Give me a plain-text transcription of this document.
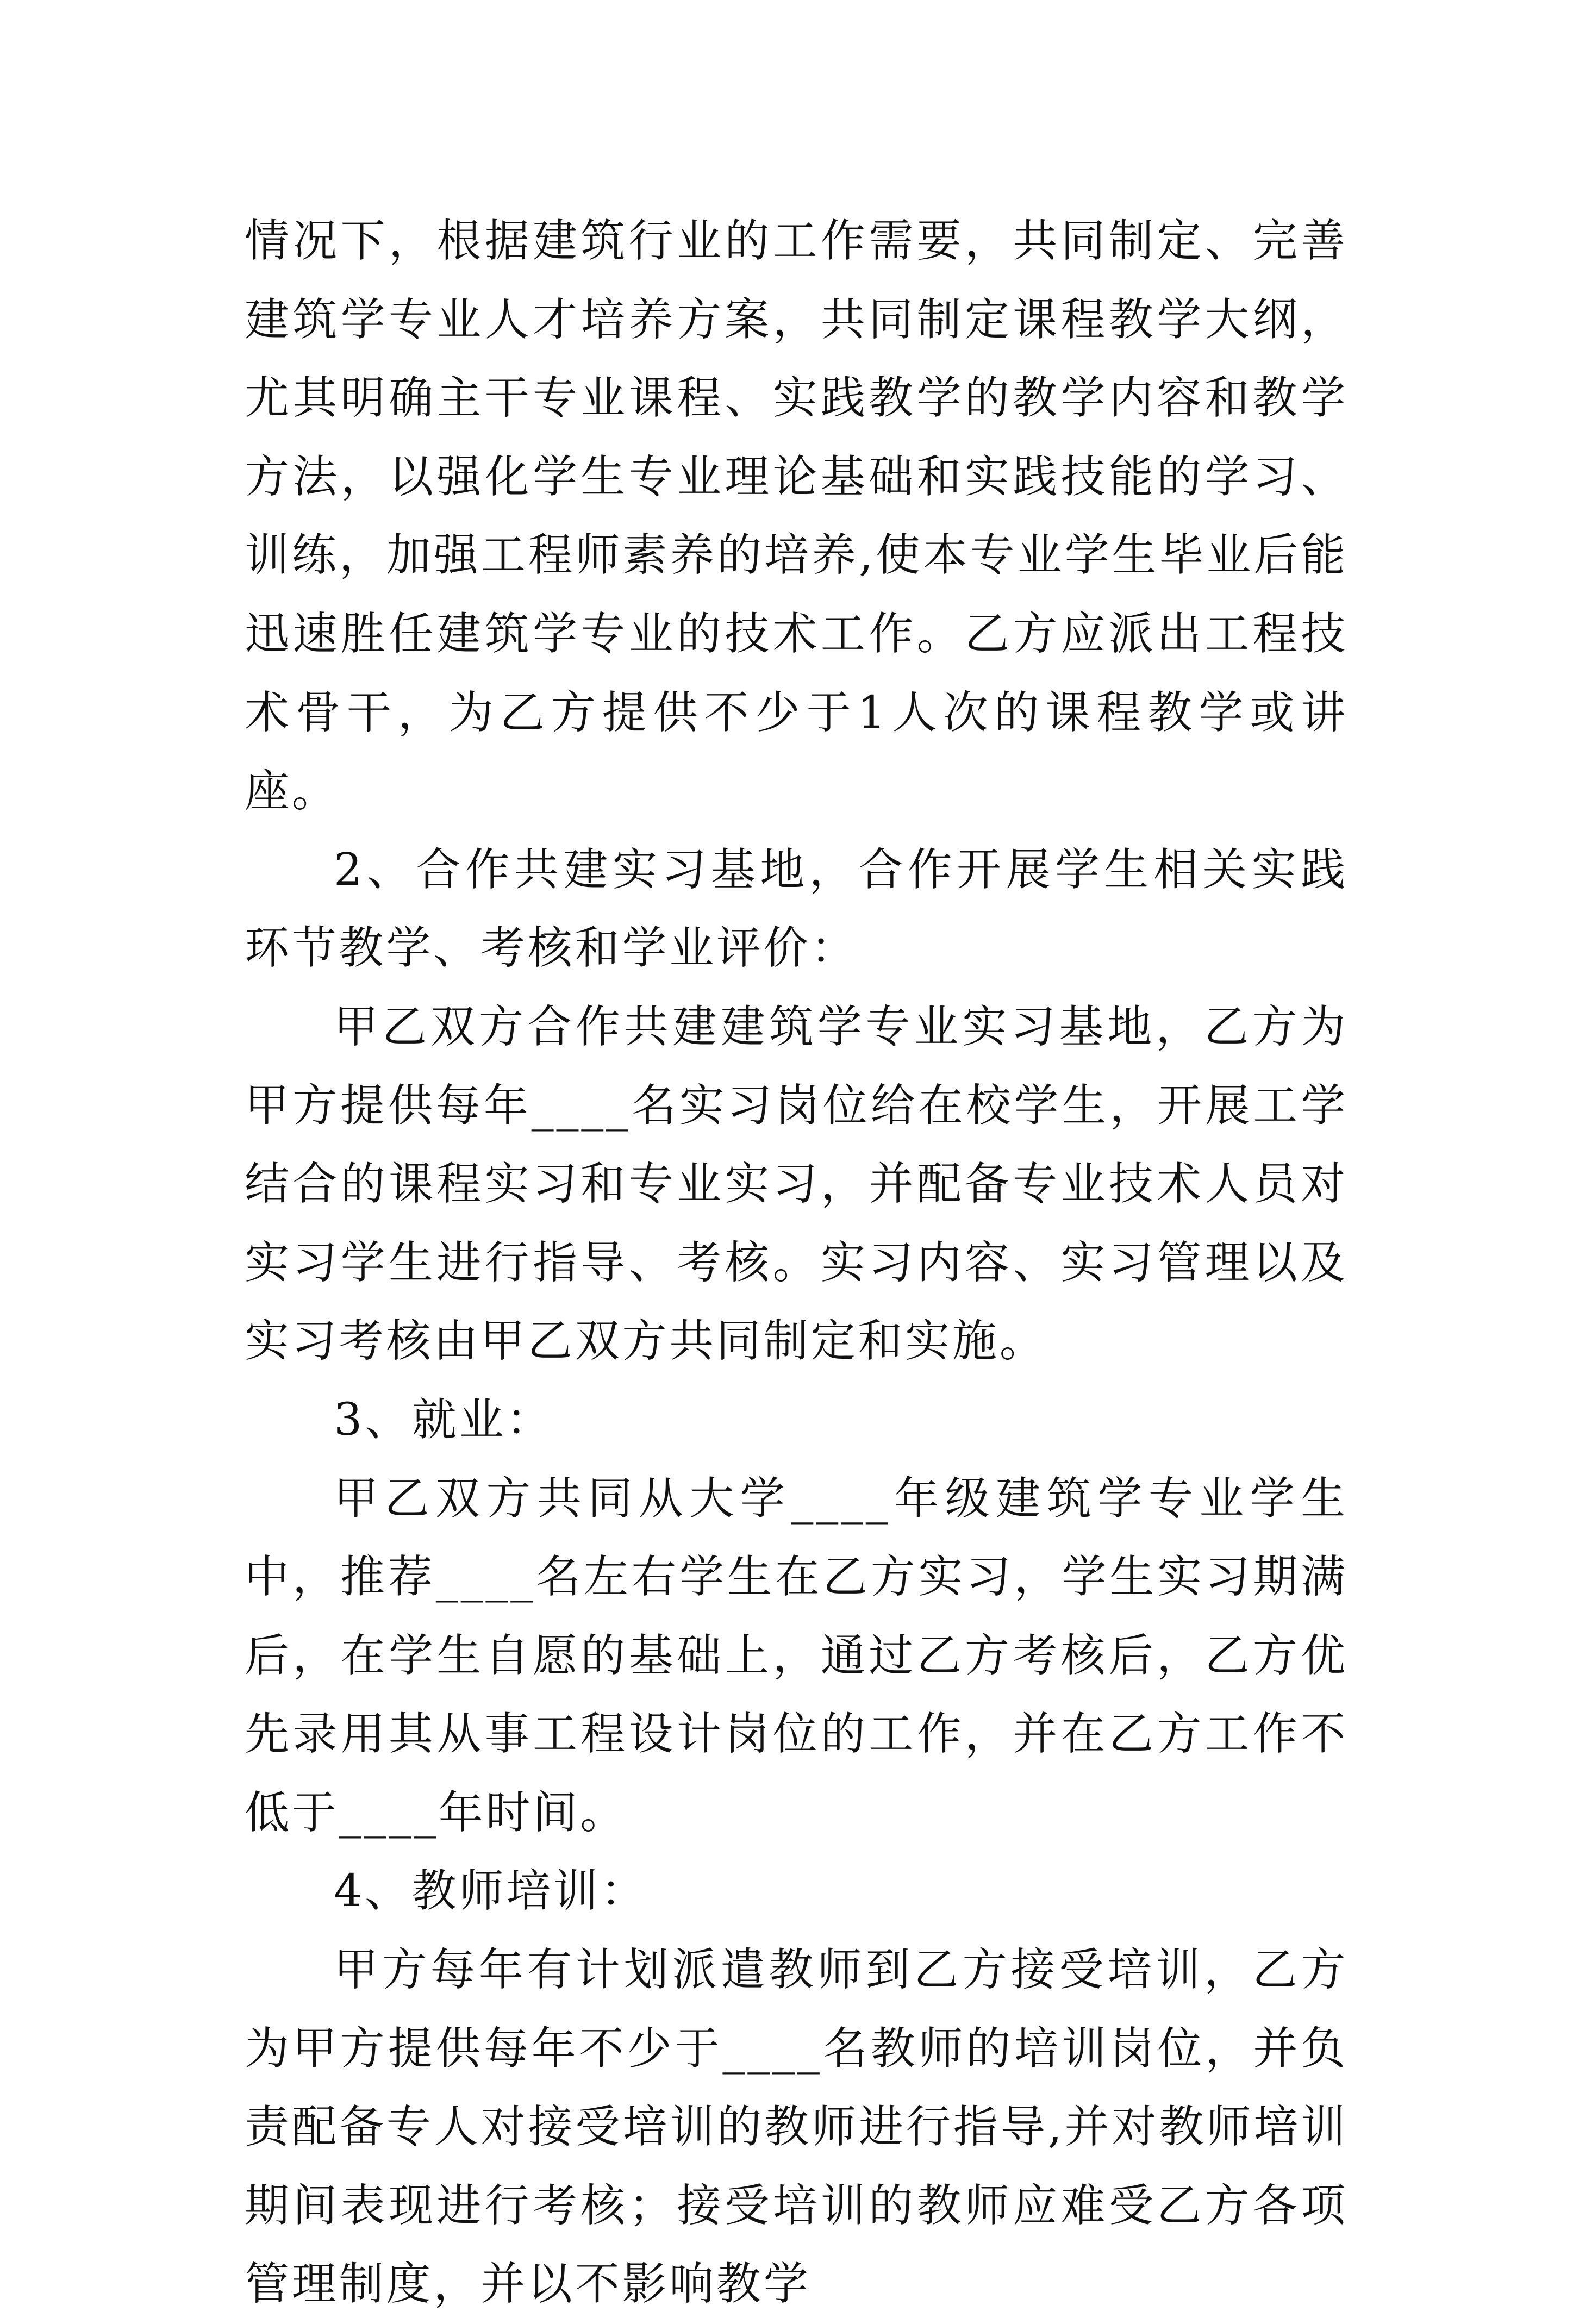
情况下，根据建筑行业的工作需要，共同制定、完善建筑学专业人才培养方案，共同制定课程教学大纲，尤其明确主干专业课程、实践教学的教学内容和教学方法，以强化学生专业理论基础和实践技能的学习、训练，加强工程师素养的培养,使本专业学生毕业后能迅速胜任建筑学专业的技术工作。乙方应派出工程技术骨干，为乙方提供不少于1人次的课程教学或讲座。

2、合作共建实习基地，合作开展学生相关实践环节教学、考核和学业评价：

甲乙双方合作共建建筑学专业实习基地，乙方为甲方提供每年____名实习岗位给在校学生，开展工学结合的课程实习和专业实习，并配备专业技术人员对实习学生进行指导、考核。实习内容、实习管理以及实习考核由甲乙双方共同制定和实施。

3、就业：

甲乙双方共同从大学____年级建筑学专业学生中，推荐____名左右学生在乙方实习，学生实习期满后，在学生自愿的基础上，通过乙方考核后，乙方优先录用其从事工程设计岗位的工作，并在乙方工作不低于____年时间。

4、教师培训：

甲方每年有计划派遣教师到乙方接受培训，乙方为甲方提供每年不少于____名教师的培训岗位，并负责配备专人对接受培训的教师进行指导,并对教师培训期间表现进行考核；接受培训的教师应难受乙方各项管理制度，并以不影响教学
